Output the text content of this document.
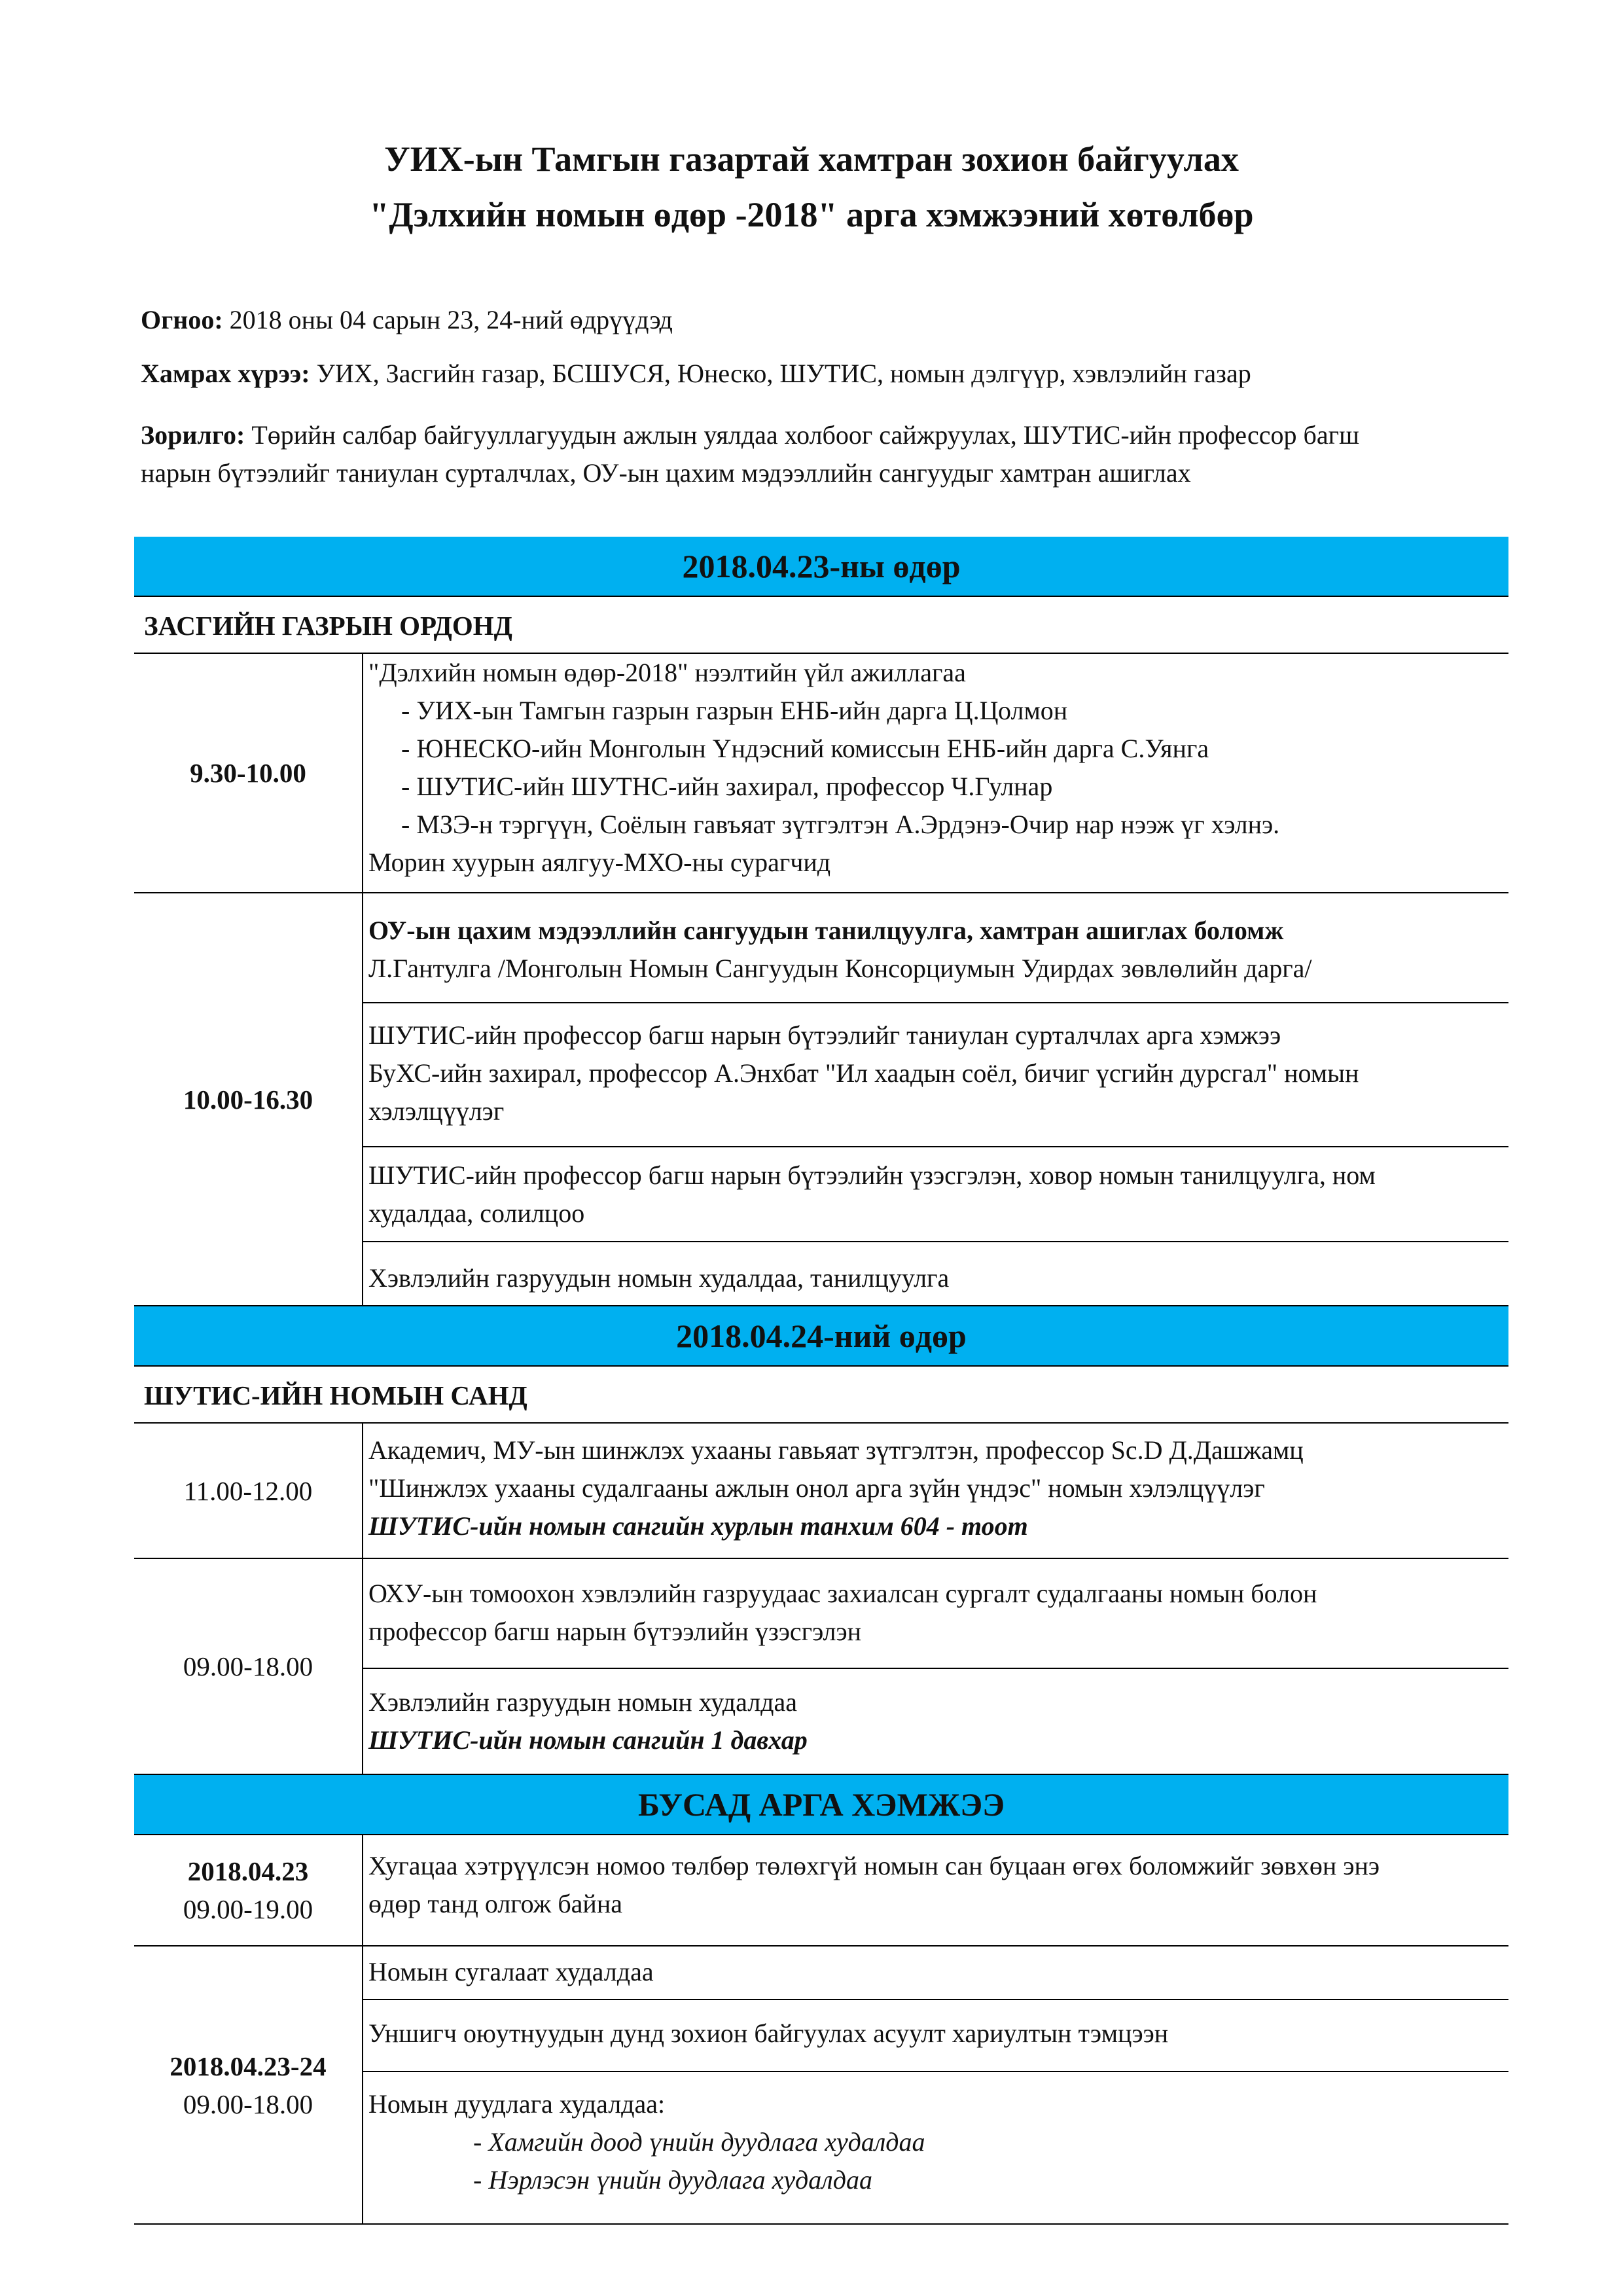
УИХ-ын Тамгын газартай хамтран зохион байгуулах
"Дэлхийн номын өдөр -2018" арга хэмжээний хөтөлбөр
Огноо: 2018 оны 04 сарын 23, 24-ний өдрүүдэд
Хамрах хүрээ: УИХ, Засгийн газар, БСШУСЯ, Юнеско, ШУТИС, номын дэлгүүр, хэвлэлийн газар
Зорилго: Төрийн салбар байгууллагуудын ажлын уялдаа холбоог сайжруулах, ШУТИС-ийн профессор багш
нарын бүтээлийг таниулан сурталчлах, ОУ-ын цахим мэдээллийн сангуудыг хамтран ашиглах
2018.04.23-ны өдөр
ЗАСГИЙН ГАЗРЫН ОРДОНД
9.30-10.00
"Дэлхийн номын өдөр-2018" нээлтийн үйл ажиллагаа
- УИХ-ын Тамгын газрын газрын ЕНБ-ийн дарга Ц.Цолмон
- ЮНЕСКО-ийн Монголын Үндэсний комиссын ЕНБ-ийн дарга С.Уянга
- ШУТИС-ийн ШУТНС-ийн захирал, профессор Ч.Гулнар
- МЗЭ-н тэргүүн, Соёлын гавъяат зүтгэлтэн А.Эрдэнэ-Очир нар нээж үг хэлнэ.
Морин хуурын аялгуу-МХО-ны сурагчид
10.00-16.30
ОУ-ын цахим мэдээллийн сангуудын танилцуулга, хамтран ашиглах боломж
Л.Гантулга /Монголын Номын Сангуудын Консорциумын Удирдах зөвлөлийн дарга/
ШУТИС-ийн профессор багш нарын бүтээлийг таниулан сурталчлах арга хэмжээ
БуХС-ийн захирал, профессор А.Энхбат "Ил хаадын соёл, бичиг үсгийн дурсгал" номын
хэлэлцүүлэг
ШУТИС-ийн профессор багш нарын бүтээлийн үзэсгэлэн, ховор номын танилцуулга, ном
худалдаа, солилцоо
Хэвлэлийн газруудын номын худалдаа, танилцуулга
2018.04.24-ний өдөр
ШУТИС-ИЙН НОМЫН САНД
11.00-12.00
Академич, МУ-ын шинжлэх ухааны гавьяат зүтгэлтэн, профессор Sc.D Д.Дашжамц
"Шинжлэх ухааны судалгааны ажлын онол арга зүйн үндэс" номын хэлэлцүүлэг
ШУТИС-ийн номын сангийн хурлын танхим 604 - тоот
09.00-18.00
ОХУ-ын томоохон хэвлэлийн газруудаас захиалсан сургалт судалгааны номын болон
профессор багш нарын бүтээлийн үзэсгэлэн
Хэвлэлийн газруудын номын худалдаа
ШУТИС-ийн номын сангийн 1 давхар
БУСАД АРГА ХЭМЖЭЭ
2018.04.23
09.00-19.00
Хугацаа хэтрүүлсэн номоо төлбөр төлөхгүй номын сан буцаан өгөх боломжийг зөвхөн энэ
өдөр танд олгож байна
2018.04.23-24
09.00-18.00
Номын сугалаат худалдаа
Уншигч оюутнуудын дунд зохион байгуулах асуулт хариултын тэмцээн
Номын дуудлага худалдаа:
- Хамгийн доод үнийн дуудлага худалдаа
- Нэрлэсэн үнийн дуудлага худалдаа
